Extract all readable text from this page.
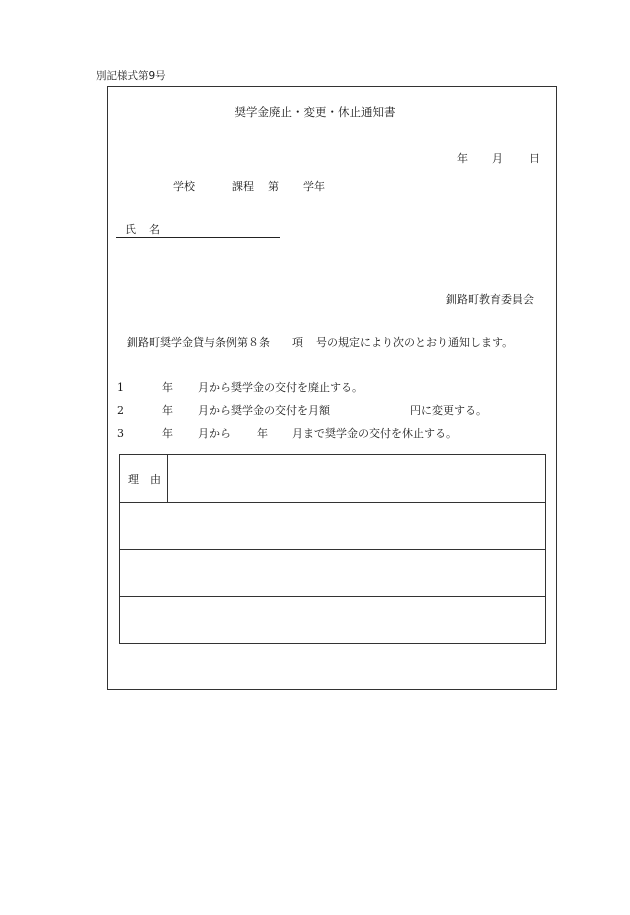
別記様式第9号
奨学金廃止・変更・休止通知書
年 月 日
学校	課程 第 学年
氏 名
釧路町教育委員会
釧路町奨学金貸与条例第８条 項 号の規定により次のとおり通知します。
1	年 月から奨学金の交付を廃止する。
2	年 月から奨学金の交付を月額	円に変更する。
3	年 月から 年 月まで奨学金の交付を休止する。
理 由
